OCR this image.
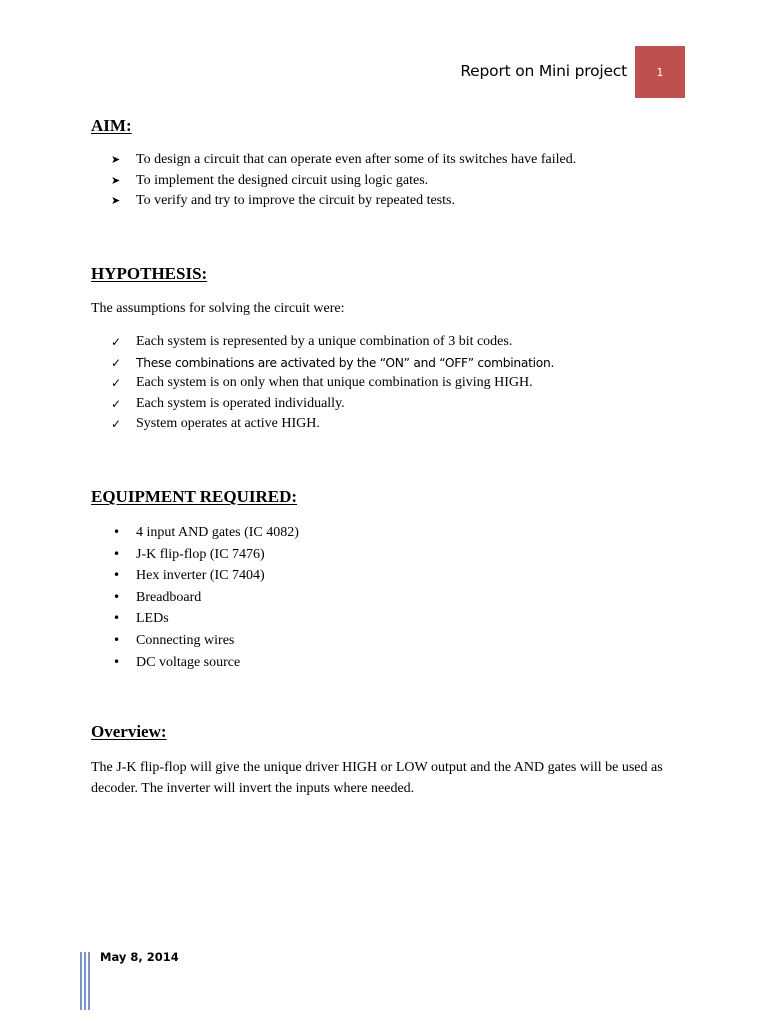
Report on Mini project	1
AIM:
➤	To design a circuit that can operate even after some of its switches have failed.
➤	To implement the designed circuit using logic gates.
➤	To verify and try to improve the circuit by repeated tests.
HYPOTHESIS:

The assumptions for solving the circuit were:

✓ Each system is represented by a unique combination of 3 bit codes.
✓	These combinations are activated by the “ON” and “OFF” combination.
✓ Each system is on only when that unique combination is giving HIGH.
✓ Each system is operated individually.
✓ System operates at active HIGH.
EQUIPMENT REQUIRED:
•	4 input AND gates (IC 4082)
•	J-K flip-flop (IC 7476)
•	Hex inverter (IC 7404)
•	Breadboard
•	LEDs
•	Connecting wires
•	DC voltage source
Overview:

The J-K flip-flop will give the unique driver HIGH or LOW output and the AND gates will be used as decoder. The inverter will invert the inputs where needed.

May 8, 2014
